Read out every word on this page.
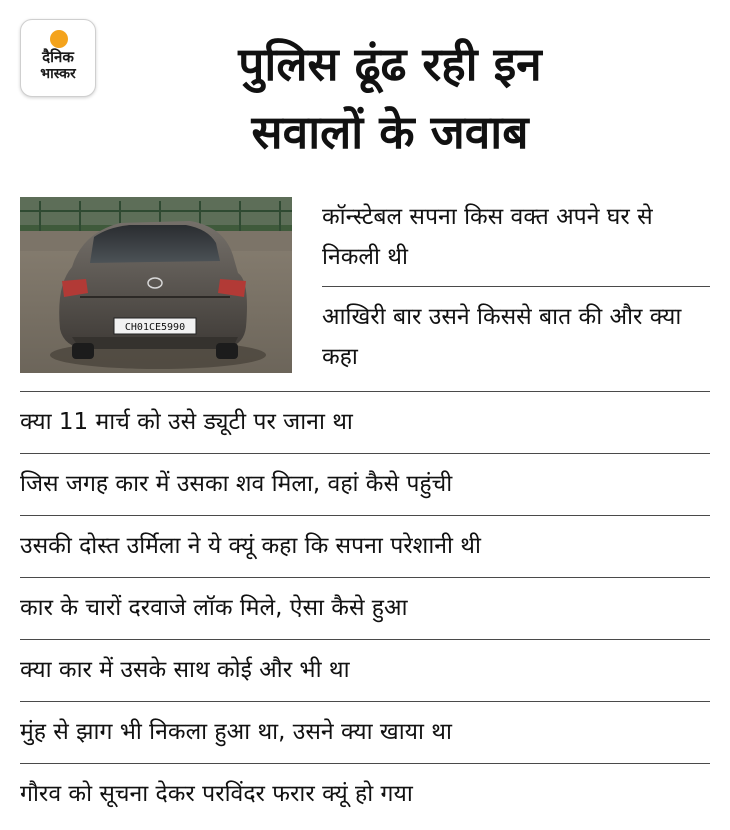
दैनिक
भास्कर	पुलिस ढूंढ रही इन
सवालों के जवाब
CH01CE5990
कॉन्स्टेबल सपना किस वक्त अपने घर से निकली थी
आखिरी बार उसने किससे बात की और क्या कहा
क्या 11 मार्च को उसे ड्यूटी पर जाना था
जिस जगह कार में उसका शव मिला, वहां कैसे पहुंची
उसकी दोस्त उर्मिला ने ये क्यूं कहा कि सपना परेशानी थी
कार के चारों दरवाजे लॉक मिले, ऐसा कैसे हुआ
क्या कार में उसके साथ कोई और भी था
मुंह से झाग भी निकला हुआ था, उसने क्या खाया था
गौरव को सूचना देकर परविंदर फरार क्यूं हो गया
